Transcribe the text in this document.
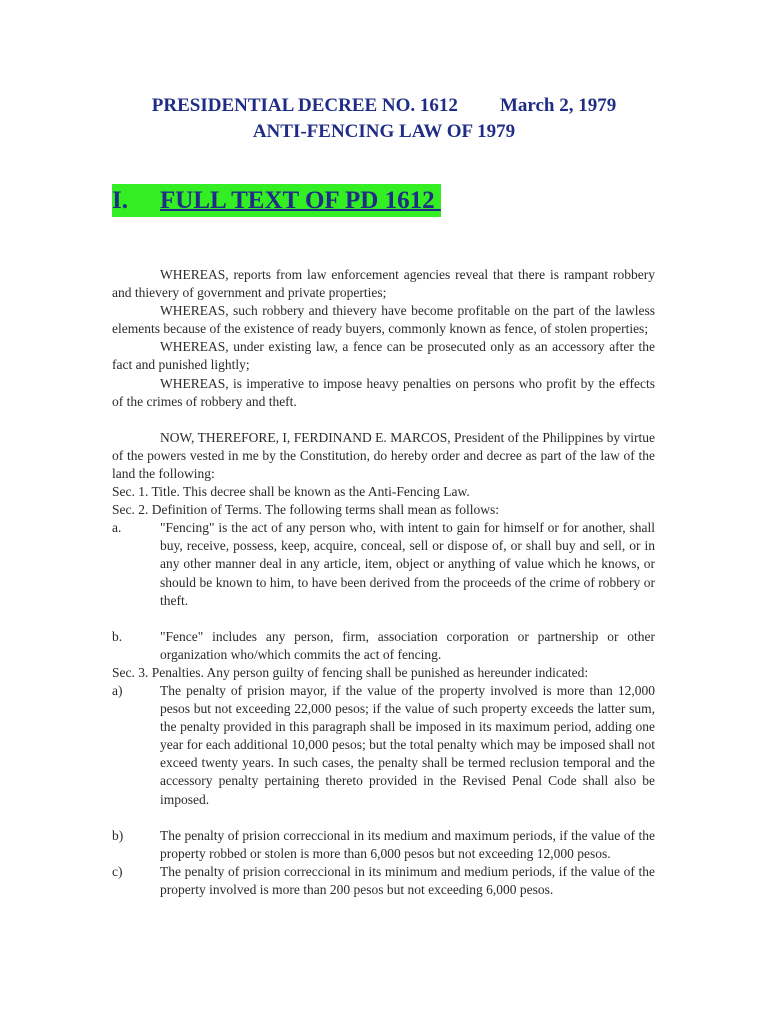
PRESIDENTIAL DECREE NO. 1612 March 2, 1979
ANTI-FENCING LAW OF 1979
I. FULL TEXT OF PD 1612

WHEREAS, reports from law enforcement agencies reveal that there is rampant robbery and thievery of government and private properties;

WHEREAS, such robbery and thievery have become profitable on the part of the lawless elements because of the existence of ready buyers, commonly known as fence, of stolen properties;

WHEREAS, under existing law, a fence can be prosecuted only as an accessory after the fact and punished lightly;

WHEREAS, is imperative to impose heavy penalties on persons who profit by the effects of the crimes of robbery and theft.

NOW, THEREFORE, I, FERDINAND E. MARCOS, President of the Philippines by virtue of the powers vested in me by the Constitution, do hereby order and decree as part of the law of the land the following:

Sec. 1. Title. This decree shall be known as the Anti-Fencing Law.

Sec. 2. Definition of Terms. The following terms shall mean as follows:

a.	"Fencing" is the act of any person who, with intent to gain for himself or for another, shall buy, receive, possess, keep, acquire, conceal, sell or dispose of, or shall buy and sell, or in any other manner deal in any article, item, object or anything of value which he knows, or should be known to him, to have been derived from the proceeds of the crime of robbery or theft.
b.	"Fence" includes any person, firm, association corporation or partnership or other organization who/which commits the act of fencing.

Sec. 3. Penalties. Any person guilty of fencing shall be punished as hereunder indicated:

a)	The penalty of prision mayor, if the value of the property involved is more than 12,000 pesos but not exceeding 22,000 pesos; if the value of such property exceeds the latter sum, the penalty provided in this paragraph shall be imposed in its maximum period, adding one year for each additional 10,000 pesos; but the total penalty which may be imposed shall not exceed twenty years. In such cases, the penalty shall be termed reclusion temporal and the accessory penalty pertaining thereto provided in the Revised Penal Code shall also be imposed.
b)	The penalty of prision correccional in its medium and maximum periods, if the value of the property robbed or stolen is more than 6,000 pesos but not exceeding 12,000 pesos.
c)	The penalty of prision correccional in its minimum and medium periods, if the value of the property involved is more than 200 pesos but not exceeding 6,000 pesos.
